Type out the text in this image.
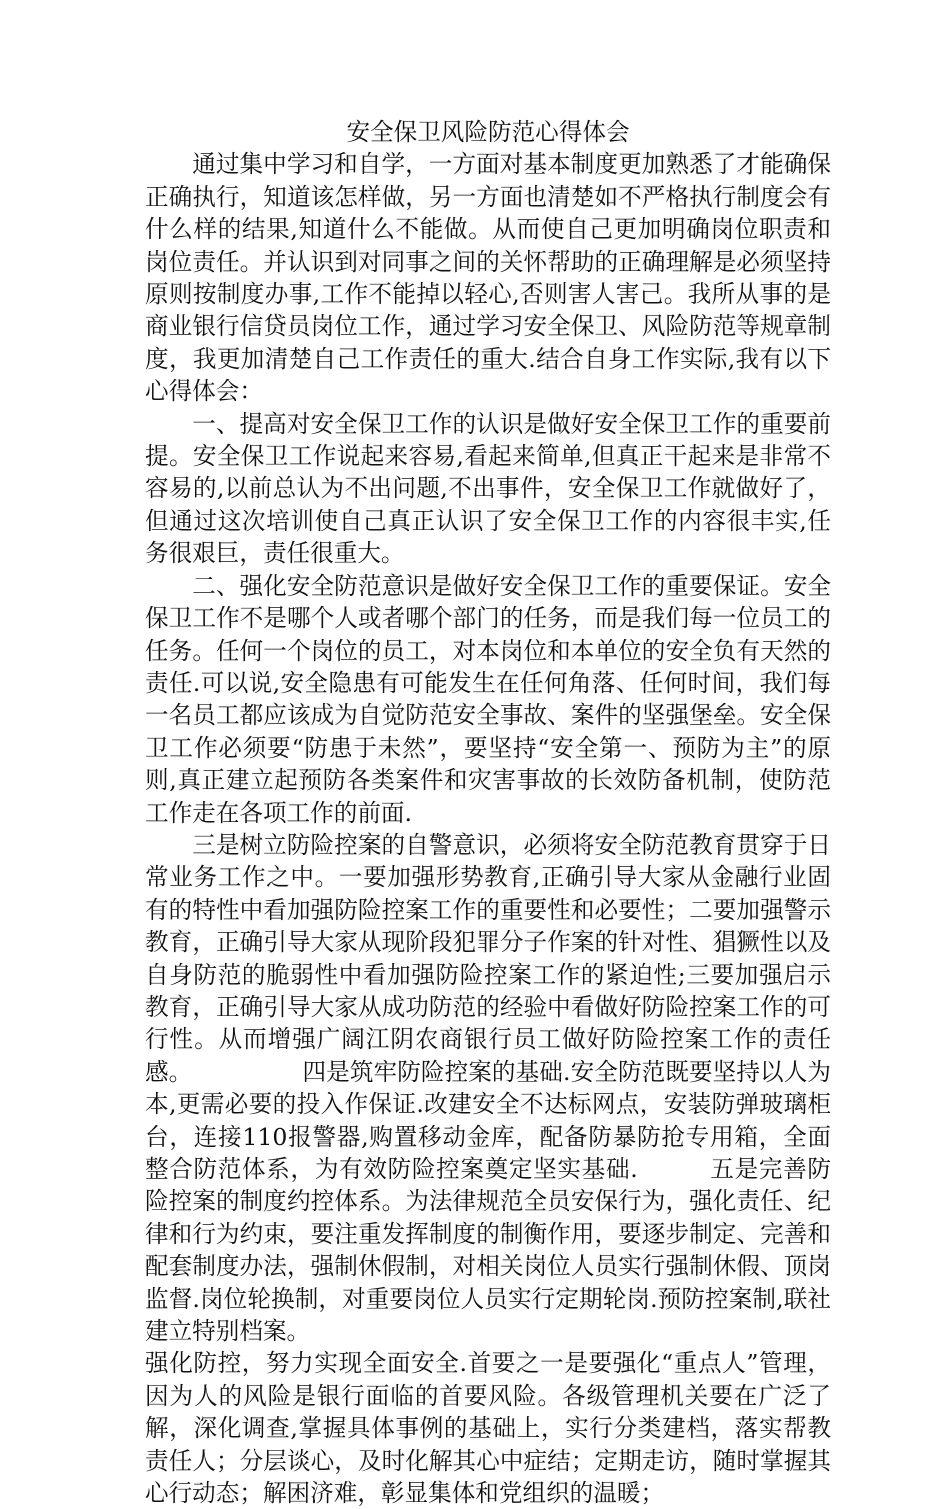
安全保卫风险防范心得体会

通过集中学习和自学，一方面对基本制度更加熟悉了才能确保正确执行，知道该怎样做，另一方面也清楚如不严格执行制度会有什么样的结果,知道什么不能做。从而使自己更加明确岗位职责和岗位责任。并认识到对同事之间的关怀帮助的正确理解是必须坚持原则按制度办事,工作不能掉以轻心,否则害人害己。我所从事的是商业银行信贷员岗位工作，通过学习安全保卫、风险防范等规章制度，我更加清楚自己工作责任的重大.结合自身工作实际,我有以下心得体会：

一、提高对安全保卫工作的认识是做好安全保卫工作的重要前提。安全保卫工作说起来容易,看起来简单,但真正干起来是非常不容易的,以前总认为不出问题,不出事件，安全保卫工作就做好了，但通过这次培训使自己真正认识了安全保卫工作的内容很丰实,任务很艰巨，责任很重大。

二、强化安全防范意识是做好安全保卫工作的重要保证。安全保卫工作不是哪个人或者哪个部门的任务，而是我们每一位员工的任务。任何一个岗位的员工，对本岗位和本单位的安全负有天然的责任.可以说,安全隐患有可能发生在任何角落、任何时间，我们每一名员工都应该成为自觉防范安全事故、案件的坚强堡垒。安全保卫工作必须要“防患于未然”，要坚持“安全第一、预防为主”的原则,真正建立起预防各类案件和灾害事故的长效防备机制，使防范工作走在各项工作的前面.

三是树立防险控案的自警意识，必须将安全防范教育贯穿于日常业务工作之中。一要加强形势教育,正确引导大家从金融行业固有的特性中看加强防险控案工作的重要性和必要性；二要加强警示教育，正确引导大家从现阶段犯罪分子作案的针对性、猖獗性以及自身防范的脆弱性中看加强防险控案工作的紧迫性;三要加强启示教育，正确引导大家从成功防范的经验中看做好防险控案工作的可行性。从而增强广阔江阴农商银行员工做好防险控案工作的责任感。	四是筑牢防险控案的基础.安全防范既要坚持以人为本,更需必要的投入作保证.改建安全不达标网点，安装防弹玻璃柜台，连接110报警器,购置移动金库，配备防暴防抢专用箱，全面整合防范体系，为有效防险控案奠定坚实基础.	五是完善防险控案的制度约控体系。为法律规范全员安保行为，强化责任、纪律和行为约束，要注重发挥制度的制衡作用，要逐步制定、完善和配套制度办法，强制休假制，对相关岗位人员实行强制休假、顶岗监督.岗位轮换制，对重要岗位人员实行定期轮岗.预防控案制,联社建立特别档案。

强化防控，努力实现全面安全.首要之一是要强化“重点人”管理，因为人的风险是银行面临的首要风险。各级管理机关要在广泛了解，深化调查,掌握具体事例的基础上，实行分类建档，落实帮教责任人；分层谈心，及时化解其心中症结；定期走访，随时掌握其心行动态；解困济难，彰显集体和党组织的温暖；
